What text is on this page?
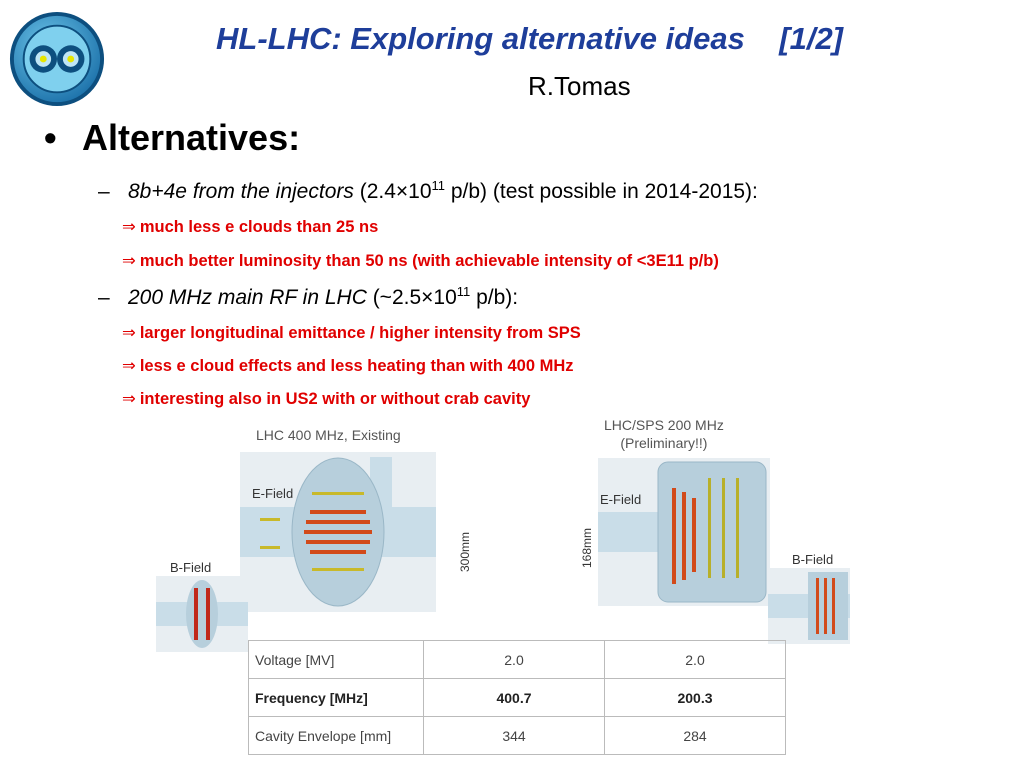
HL-LHC: Exploring alternative ideas    [1/2]
R.Tomas
• Alternatives:
– 8b+4e from the injectors ($2.4\times 10^{11}$ p/b) (test possible in 2014-2015):
⇒ much less e clouds than 25 ns
⇒ much better luminosity than 50 ns (with achievable intensity of <3E11 p/b)
– 200 MHz main RF in LHC ($\sim 2.5\times 10^{11}$ p/b):
⇒ larger longitudinal emittance / higher intensity from SPS
⇒ less e cloud effects and less heating than with 400 MHz
⇒ interesting also in US2 with or without crab cavity
LHC 400 MHz, Existing
E-Field
300mm
B-Field
LHC/SPS 200 MHz
(Preliminary!!)
E-Field
168mm	B-Field
Voltage [MV]	2.0	2.0
Frequency [MHz]	400.7	200.3
Cavity Envelope [mm]	344	284
